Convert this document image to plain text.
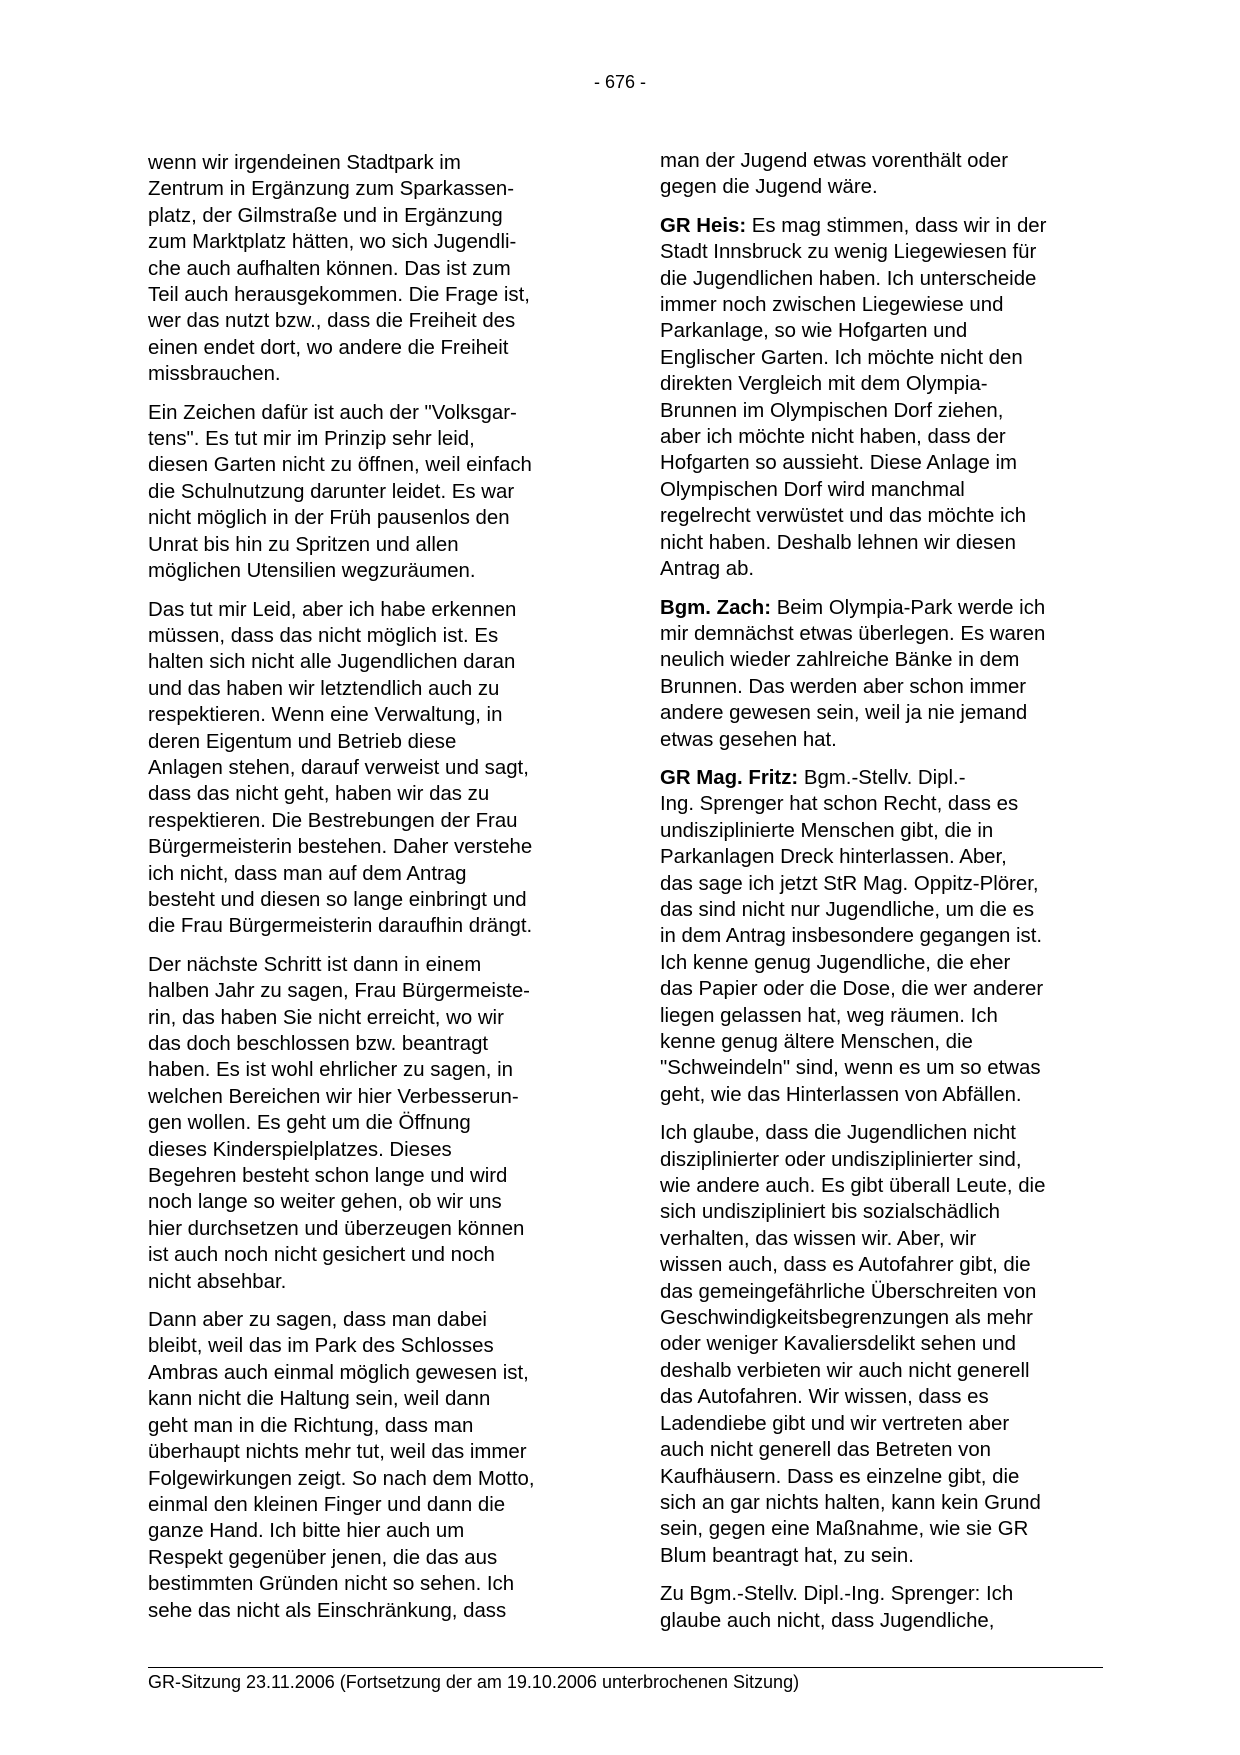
- 676 -

wenn wir irgendeinen Stadtpark im
Zentrum in Ergänzung zum Sparkassen-
platz, der Gilmstraße und in Ergänzung
zum Marktplatz hätten, wo sich Jugendli-
che auch aufhalten können. Das ist zum
Teil auch herausgekommen. Die Frage ist,
wer das nutzt bzw., dass die Freiheit des
einen endet dort, wo andere die Freiheit
missbrauchen.

Ein Zeichen dafür ist auch der "Volksgar-
tens". Es tut mir im Prinzip sehr leid,
diesen Garten nicht zu öffnen, weil einfach
die Schulnutzung darunter leidet. Es war
nicht möglich in der Früh pausenlos den
Unrat bis hin zu Spritzen und allen
möglichen Utensilien wegzuräumen.

Das tut mir Leid, aber ich habe erkennen
müssen, dass das nicht möglich ist. Es
halten sich nicht alle Jugendlichen daran
und das haben wir letztendlich auch zu
respektieren. Wenn eine Verwaltung, in
deren Eigentum und Betrieb diese
Anlagen stehen, darauf verweist und sagt,
dass das nicht geht, haben wir das zu
respektieren. Die Bestrebungen der Frau
Bürgermeisterin bestehen. Daher verstehe
ich nicht, dass man auf dem Antrag
besteht und diesen so lange einbringt und
die Frau Bürgermeisterin daraufhin drängt.

Der nächste Schritt ist dann in einem
halben Jahr zu sagen, Frau Bürgermeiste-
rin, das haben Sie nicht erreicht, wo wir
das doch beschlossen bzw. beantragt
haben. Es ist wohl ehrlicher zu sagen, in
welchen Bereichen wir hier Verbesserun-
gen wollen. Es geht um die Öffnung
dieses Kinderspielplatzes. Dieses
Begehren besteht schon lange und wird
noch lange so weiter gehen, ob wir uns
hier durchsetzen und überzeugen können
ist auch noch nicht gesichert und noch
nicht absehbar.

Dann aber zu sagen, dass man dabei
bleibt, weil das im Park des Schlosses
Ambras auch einmal möglich gewesen ist,
kann nicht die Haltung sein, weil dann
geht man in die Richtung, dass man
überhaupt nichts mehr tut, weil das immer
Folgewirkungen zeigt. So nach dem Motto,
einmal den kleinen Finger und dann die
ganze Hand. Ich bitte hier auch um
Respekt gegenüber jenen, die das aus
bestimmten Gründen nicht so sehen. Ich
sehe das nicht als Einschränkung, dass

man der Jugend etwas vorenthält oder
gegen die Jugend wäre.

GR Heis: Es mag stimmen, dass wir in der
Stadt Innsbruck zu wenig Liegewiesen für
die Jugendlichen haben. Ich unterscheide
immer noch zwischen Liegewiese und
Parkanlage, so wie Hofgarten und
Englischer Garten. Ich möchte nicht den
direkten Vergleich mit dem Olympia-
Brunnen im Olympischen Dorf ziehen,
aber ich möchte nicht haben, dass der
Hofgarten so aussieht. Diese Anlage im
Olympischen Dorf wird manchmal
regelrecht verwüstet und das möchte ich
nicht haben. Deshalb lehnen wir diesen
Antrag ab.

Bgm. Zach: Beim Olympia-Park werde ich
mir demnächst etwas überlegen. Es waren
neulich wieder zahlreiche Bänke in dem
Brunnen. Das werden aber schon immer
andere gewesen sein, weil ja nie jemand
etwas gesehen hat.

GR Mag. Fritz: Bgm.-Stellv. Dipl.-
Ing. Sprenger hat schon Recht, dass es
undisziplinierte Menschen gibt, die in
Parkanlagen Dreck hinterlassen. Aber,
das sage ich jetzt StR Mag. Oppitz-Plörer,
das sind nicht nur Jugendliche, um die es
in dem Antrag insbesondere gegangen ist.
Ich kenne genug Jugendliche, die eher
das Papier oder die Dose, die wer anderer
liegen gelassen hat, weg räumen. Ich
kenne genug ältere Menschen, die
"Schweindeln" sind, wenn es um so etwas
geht, wie das Hinterlassen von Abfällen.

Ich glaube, dass die Jugendlichen nicht
disziplinierter oder undisziplinierter sind,
wie andere auch. Es gibt überall Leute, die
sich undiszipliniert bis sozialschädlich
verhalten, das wissen wir. Aber, wir
wissen auch, dass es Autofahrer gibt, die
das gemeingefährliche Überschreiten von
Geschwindigkeitsbegrenzungen als mehr
oder weniger Kavaliersdelikt sehen und
deshalb verbieten wir auch nicht generell
das Autofahren. Wir wissen, dass es
Ladendiebe gibt und wir vertreten aber
auch nicht generell das Betreten von
Kaufhäusern. Dass es einzelne gibt, die
sich an gar nichts halten, kann kein Grund
sein, gegen eine Maßnahme, wie sie GR
Blum beantragt hat, zu sein.

Zu Bgm.-Stellv. Dipl.-Ing. Sprenger: Ich
glaube auch nicht, dass Jugendliche,

GR-Sitzung 23.11.2006 (Fortsetzung der am 19.10.2006 unterbrochenen Sitzung)
